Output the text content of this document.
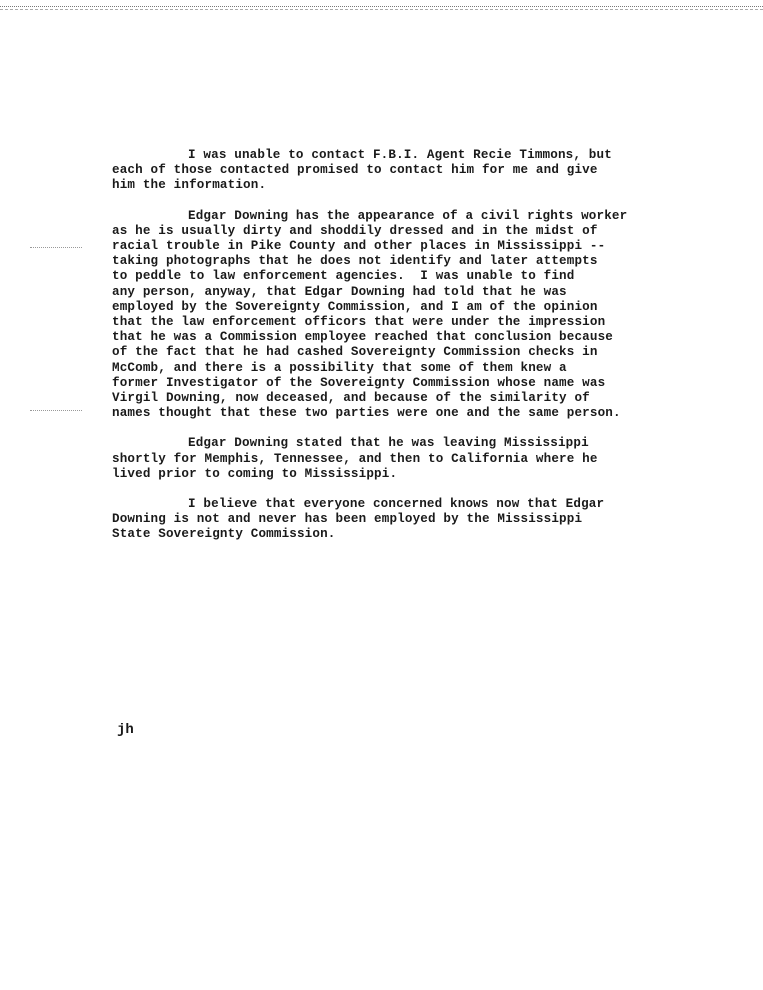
I was unable to contact F.B.I. Agent Recie Timmons, but
each of those contacted promised to contact him for me and give
him the information.
Edgar Downing has the appearance of a civil rights worker
as he is usually dirty and shoddily dressed and in the midst of
racial trouble in Pike County and other places in Mississippi --
taking photographs that he does not identify and later attempts
to peddle to law enforcement agencies.  I was unable to find
any person, anyway, that Edgar Downing had told that he was
employed by the Sovereignty Commission, and I am of the opinion
that the law enforcement officors that were under the impression
that he was a Commission employee reached that conclusion because
of the fact that he had cashed Sovereignty Commission checks in
McComb, and there is a possibility that some of them knew a
former Investigator of the Sovereignty Commission whose name was
Virgil Downing, now deceased, and because of the similarity of
names thought that these two parties were one and the same person.
Edgar Downing stated that he was leaving Mississippi
shortly for Memphis, Tennessee, and then to California where he
lived prior to coming to Mississippi.
I believe that everyone concerned knows now that Edgar
Downing is not and never has been employed by the Mississippi
State Sovereignty Commission.
jh
